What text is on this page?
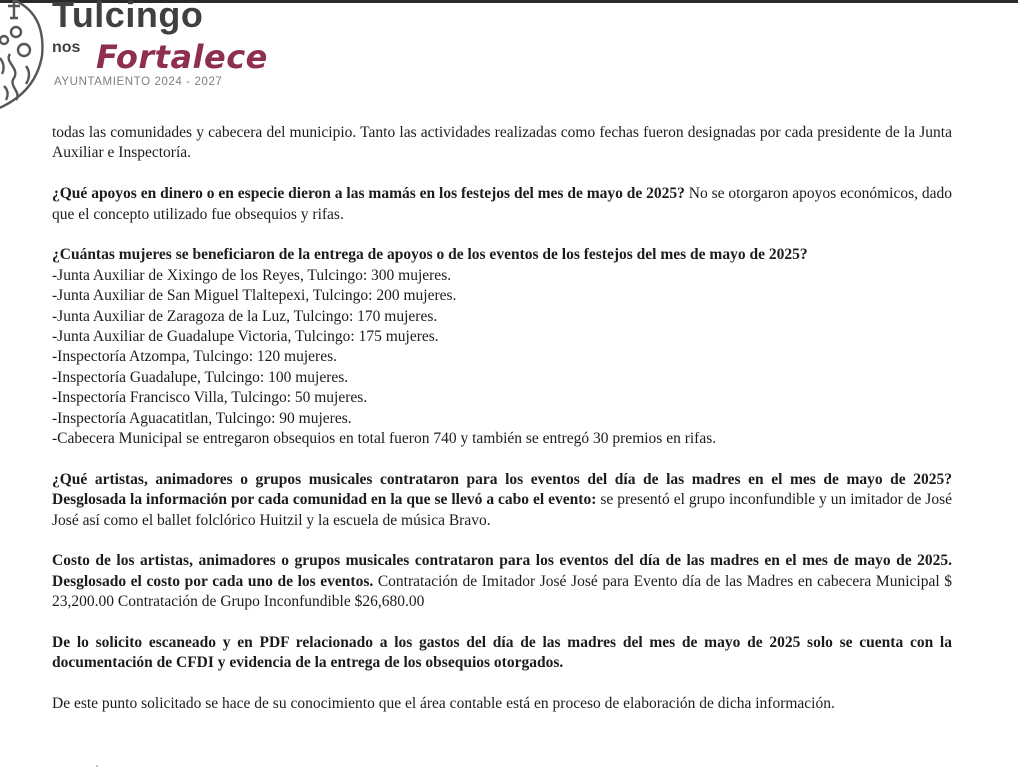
Tulcingo
nos Fortalece
AYUNTAMIENTO 2024 - 2027

todas las comunidades y cabecera del municipio. Tanto las actividades realizadas como fechas fueron designadas por cada presidente de la Junta Auxiliar e Inspectoría.

¿Qué apoyos en dinero o en especie dieron a las mamás en los festejos del mes de mayo de 2025? No se otorgaron apoyos económicos, dado que el concepto utilizado fue obsequios y rifas.

¿Cuántas mujeres se beneficiaron de la entrega de apoyos o de los eventos de los festejos del mes de mayo de 2025?

-Junta Auxiliar de Xixingo de los Reyes, Tulcingo: 300 mujeres.
-Junta Auxiliar de San Miguel Tlaltepexi, Tulcingo: 200 mujeres.
-Junta Auxiliar de Zaragoza de la Luz, Tulcingo: 170 mujeres.
-Junta Auxiliar de Guadalupe Victoria, Tulcingo: 175 mujeres.
-Inspectoría Atzompa, Tulcingo: 120 mujeres.
-Inspectoría Guadalupe, Tulcingo: 100 mujeres.
-Inspectoría Francisco Villa, Tulcingo: 50 mujeres.
-Inspectoría Aguacatitlan, Tulcingo: 90 mujeres.
-Cabecera Municipal se entregaron obsequios en total fueron 740 y también se entregó 30 premios en rifas.

¿Qué artistas, animadores o grupos musicales contrataron para los eventos del día de las madres en el mes de mayo de 2025? Desglosada la información por cada comunidad en la que se llevó a cabo el evento: se presentó el grupo inconfundible y un imitador de José José así como el ballet folclórico Huitzil y la escuela de música Bravo.

Costo de los artistas, animadores o grupos musicales contrataron para los eventos del día de las madres en el mes de mayo de 2025. Desglosado el costo por cada uno de los eventos. Contratación de Imitador José José para Evento día de las Madres en cabecera Municipal $ 23,200.00 Contratación de Grupo Inconfundible $26,680.00

De lo solicito escaneado y en PDF relacionado a los gastos del día de las madres del mes de mayo de 2025 solo se cuenta con la documentación de CFDI y evidencia de la entrega de los obsequios otorgados.

De este punto solicitado se hace de su conocimiento que el área contable está en proceso de elaboración de dicha información.
